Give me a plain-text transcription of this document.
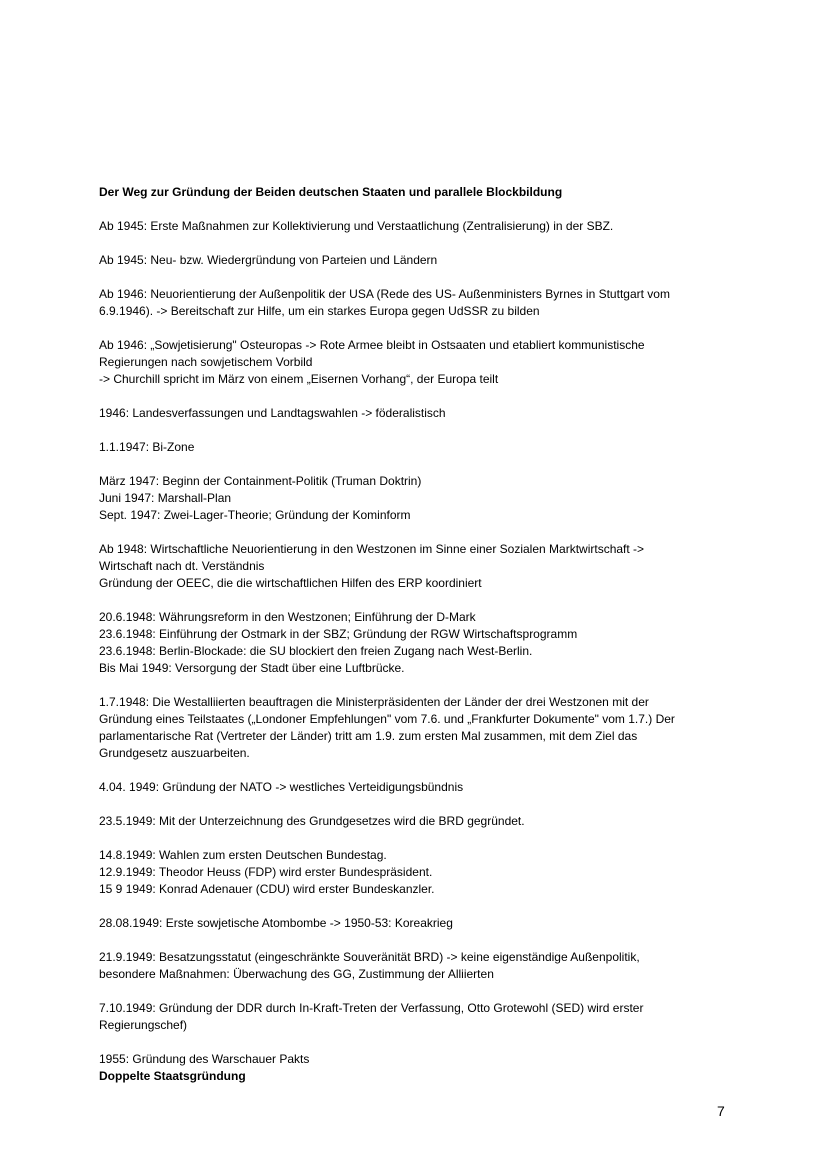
Der Weg zur Gründung der Beiden deutschen Staaten und parallele Blockbildung
Ab 1945: Erste Maßnahmen zur Kollektivierung und Verstaatlichung (Zentralisierung) in der SBZ.
Ab 1945: Neu- bzw. Wiedergründung von Parteien und Ländern
Ab 1946: Neuorientierung der Außenpolitik der USA (Rede des US- Außenministers Byrnes in Stuttgart vom
6.9.1946). -> Bereitschaft zur Hilfe, um ein starkes Europa gegen UdSSR zu bilden
Ab 1946: „Sowjetisierung" Osteuropas -> Rote Armee bleibt in Ostsaaten und etabliert kommunistische
Regierungen nach sowjetischem Vorbild
-> Churchill spricht im März von einem „Eisernen Vorhang“, der Europa teilt
1946: Landesverfassungen und Landtagswahlen -> föderalistisch
1.1.1947: Bi-Zone
März 1947: Beginn der Containment-Politik (Truman Doktrin)
Juni 1947: Marshall-Plan
Sept. 1947: Zwei-Lager-Theorie; Gründung der Kominform
Ab 1948: Wirtschaftliche Neuorientierung in den Westzonen im Sinne einer Sozialen Marktwirtschaft ->
Wirtschaft nach dt. Verständnis
Gründung der OEEC, die die wirtschaftlichen Hilfen des ERP koordiniert
20.6.1948: Währungsreform in den Westzonen; Einführung der D-Mark
23.6.1948: Einführung der Ostmark in der SBZ; Gründung der RGW Wirtschaftsprogramm
23.6.1948: Berlin-Blockade: die SU blockiert den freien Zugang nach West-Berlin.
Bis Mai 1949: Versorgung der Stadt über eine Luftbrücke.
1.7.1948: Die Westalliierten beauftragen die Ministerpräsidenten der Länder der drei Westzonen mit der
Gründung eines Teilstaates („Londoner Empfehlungen" vom 7.6. und „Frankfurter Dokumente" vom 1.7.) Der
parlamentarische Rat (Vertreter der Länder) tritt am 1.9. zum ersten Mal zusammen, mit dem Ziel das
Grundgesetz auszuarbeiten.
4.04. 1949: Gründung der NATO -> westliches Verteidigungsbündnis
23.5.1949: Mit der Unterzeichnung des Grundgesetzes wird die BRD gegründet.
14.8.1949: Wahlen zum ersten Deutschen Bundestag.
12.9.1949: Theodor Heuss (FDP) wird erster Bundespräsident.
15 9 1949: Konrad Adenauer (CDU) wird erster Bundeskanzler.
28.08.1949: Erste sowjetische Atombombe -> 1950-53: Koreakrieg
21.9.1949: Besatzungsstatut (eingeschränkte Souveränität BRD) -> keine eigenständige Außenpolitik,
besondere Maßnahmen: Überwachung des GG, Zustimmung der Alliierten
7.10.1949: Gründung der DDR durch In-Kraft-Treten der Verfassung, Otto Grotewohl (SED) wird erster
Regierungschef)
1955: Gründung des Warschauer Pakts
Doppelte Staatsgründung
7
